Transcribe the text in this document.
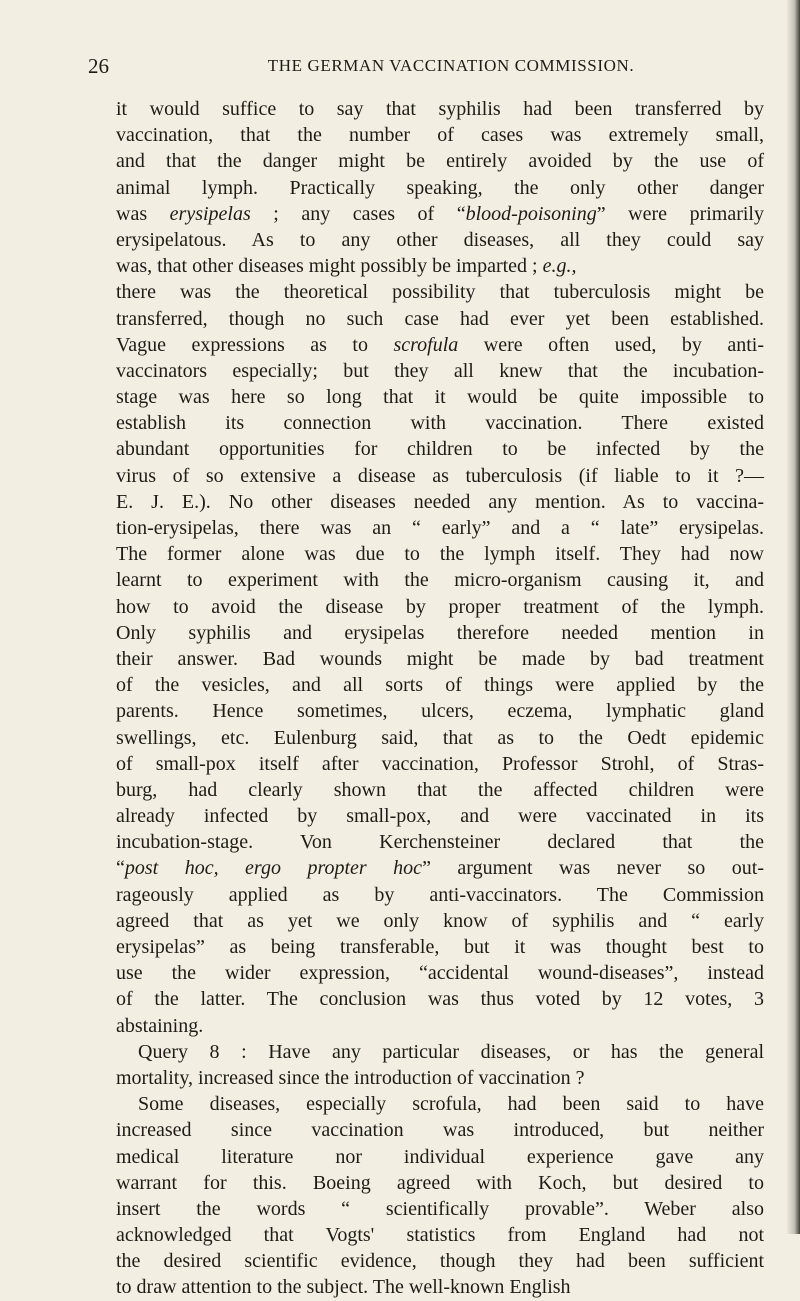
26	THE GERMAN VACCINATION COMMISSION.
it would suffice to say that syphilis had been transferred by
vaccination, that the number of cases was extremely small,
and that the danger might be entirely avoided by the use of
animal lymph. Practically speaking, the only other danger
was erysipelas ; any cases of “blood-poisoning” were primarily
erysipelatous. As to any other diseases, all they could say
was, that other diseases might possibly be imparted ; e.g.,
there was the theoretical possibility that tuberculosis might be
transferred, though no such case had ever yet been established.
Vague expressions as to scrofula were often used, by anti-
vaccinators especially; but they all knew that the incubation-
stage was here so long that it would be quite impossible to
establish its connection with vaccination. There existed
abundant opportunities for children to be infected by the
virus of so extensive a disease as tuberculosis (if liable to it ?—
E. J. E.). No other diseases needed any mention. As to vaccina-
tion-erysipelas, there was an “ early” and a “ late” erysipelas.
The former alone was due to the lymph itself. They had now
learnt to experiment with the micro-organism causing it, and
how to avoid the disease by proper treatment of the lymph.
Only syphilis and erysipelas therefore needed mention in
their answer. Bad wounds might be made by bad treatment
of the vesicles, and all sorts of things were applied by the
parents. Hence sometimes, ulcers, eczema, lymphatic gland
swellings, etc. Eulenburg said, that as to the Oedt epidemic
of small-pox itself after vaccination, Professor Strohl, of Stras-
burg, had clearly shown that the affected children were
already infected by small-pox, and were vaccinated in its
incubation-stage. Von Kerchensteiner declared that the
“post hoc, ergo propter hoc” argument was never so out-
rageously applied as by anti-vaccinators. The Commission
agreed that as yet we only know of syphilis and “ early
erysipelas” as being transferable, but it was thought best to
use the wider expression, “accidental wound-diseases”, instead
of the latter. The conclusion was thus voted by 12 votes, 3
abstaining.
Query 8 : Have any particular diseases, or has the general
mortality, increased since the introduction of vaccination ?
Some diseases, especially scrofula, had been said to have
increased since vaccination was introduced, but neither
medical literature nor individual experience gave any
warrant for this. Boeing agreed with Koch, but desired to
insert the words “ scientifically provable”. Weber also
acknowledged that Vogts' statistics from England had not
the desired scientific evidence, though they had been sufficient
to draw attention to the subject. The well-known English
